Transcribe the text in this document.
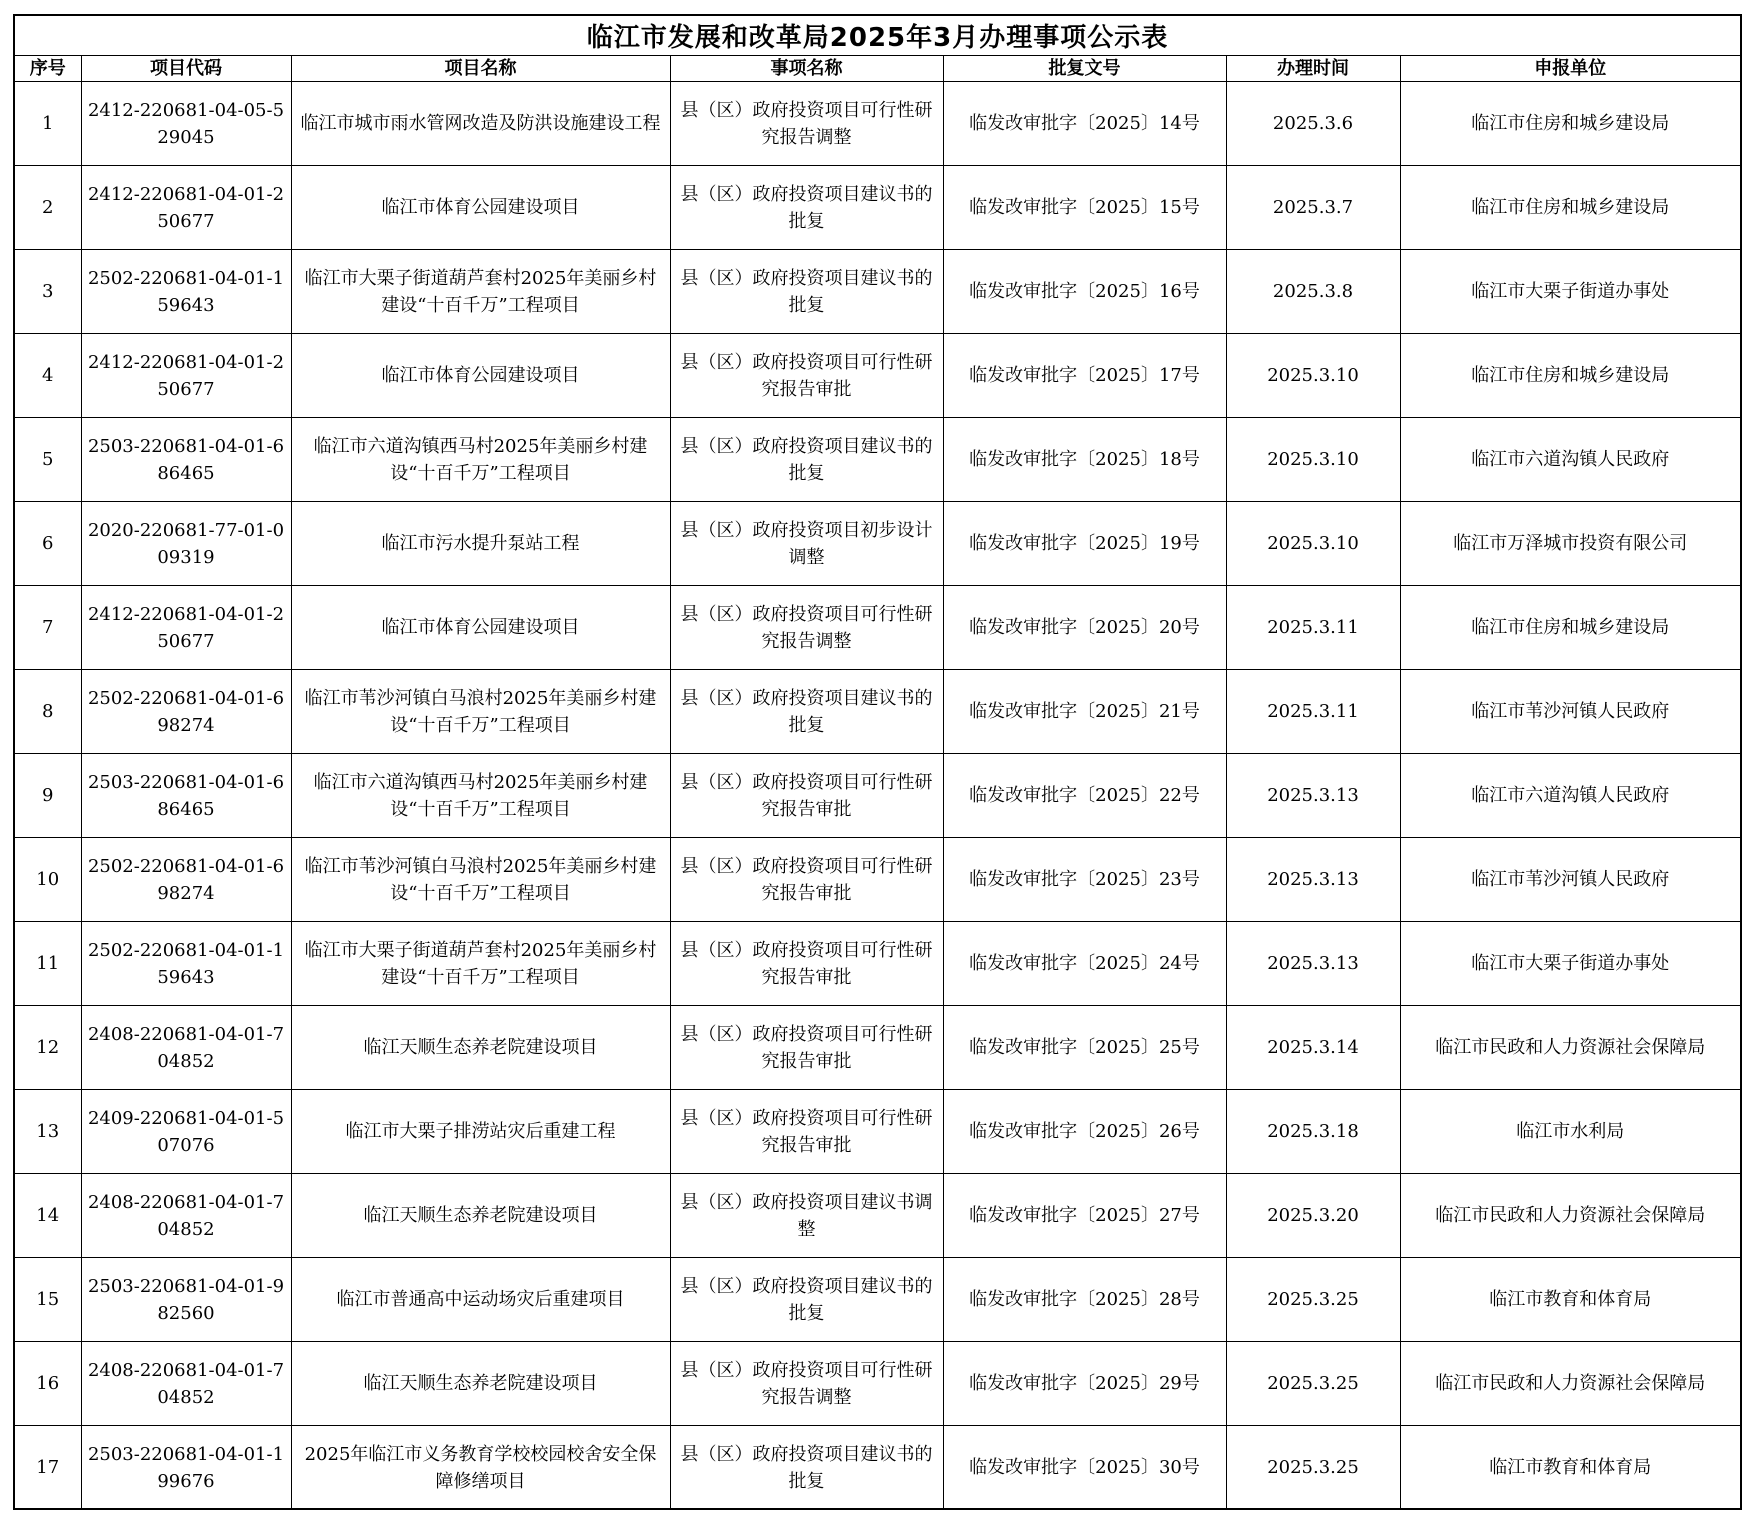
临江市发展和改革局2025年3月办理事项公示表
序号	项目代码	项目名称	事项名称	批复文号	办理时间	申报单位
1	2412-220681-04-05-529045	临江市城市雨水管网改造及防洪设施建设工程	县（区）政府投资项目可行性研究报告调整	临发改审批字〔2025〕14号	2025.3.6	临江市住房和城乡建设局
2	2412-220681-04-01-250677	临江市体育公园建设项目	县（区）政府投资项目建议书的批复	临发改审批字〔2025〕15号	2025.3.7	临江市住房和城乡建设局
3	2502-220681-04-01-159643	临江市大栗子街道葫芦套村2025年美丽乡村建设“十百千万”工程项目	县（区）政府投资项目建议书的批复	临发改审批字〔2025〕16号	2025.3.8	临江市大栗子街道办事处
4	2412-220681-04-01-250677	临江市体育公园建设项目	县（区）政府投资项目可行性研究报告审批	临发改审批字〔2025〕17号	2025.3.10	临江市住房和城乡建设局
5	2503-220681-04-01-686465	临江市六道沟镇西马村2025年美丽乡村建设“十百千万”工程项目	县（区）政府投资项目建议书的批复	临发改审批字〔2025〕18号	2025.3.10	临江市六道沟镇人民政府
6	2020-220681-77-01-009319	临江市污水提升泵站工程	县（区）政府投资项目初步设计调整	临发改审批字〔2025〕19号	2025.3.10	临江市万泽城市投资有限公司
7	2412-220681-04-01-250677	临江市体育公园建设项目	县（区）政府投资项目可行性研究报告调整	临发改审批字〔2025〕20号	2025.3.11	临江市住房和城乡建设局
8	2502-220681-04-01-698274	临江市苇沙河镇白马浪村2025年美丽乡村建设“十百千万”工程项目	县（区）政府投资项目建议书的批复	临发改审批字〔2025〕21号	2025.3.11	临江市苇沙河镇人民政府
9	2503-220681-04-01-686465	临江市六道沟镇西马村2025年美丽乡村建设“十百千万”工程项目	县（区）政府投资项目可行性研究报告审批	临发改审批字〔2025〕22号	2025.3.13	临江市六道沟镇人民政府
10	2502-220681-04-01-698274	临江市苇沙河镇白马浪村2025年美丽乡村建设“十百千万”工程项目	县（区）政府投资项目可行性研究报告审批	临发改审批字〔2025〕23号	2025.3.13	临江市苇沙河镇人民政府
11	2502-220681-04-01-159643	临江市大栗子街道葫芦套村2025年美丽乡村建设“十百千万”工程项目	县（区）政府投资项目可行性研究报告审批	临发改审批字〔2025〕24号	2025.3.13	临江市大栗子街道办事处
12	2408-220681-04-01-704852	临江天顺生态养老院建设项目	县（区）政府投资项目可行性研究报告审批	临发改审批字〔2025〕25号	2025.3.14	临江市民政和人力资源社会保障局
13	2409-220681-04-01-507076	临江市大栗子排涝站灾后重建工程	县（区）政府投资项目可行性研究报告审批	临发改审批字〔2025〕26号	2025.3.18	临江市水利局
14	2408-220681-04-01-704852	临江天顺生态养老院建设项目	县（区）政府投资项目建议书调整	临发改审批字〔2025〕27号	2025.3.20	临江市民政和人力资源社会保障局
15	2503-220681-04-01-982560	临江市普通高中运动场灾后重建项目	县（区）政府投资项目建议书的批复	临发改审批字〔2025〕28号	2025.3.25	临江市教育和体育局
16	2408-220681-04-01-704852	临江天顺生态养老院建设项目	县（区）政府投资项目可行性研究报告调整	临发改审批字〔2025〕29号	2025.3.25	临江市民政和人力资源社会保障局
17	2503-220681-04-01-199676	2025年临江市义务教育学校校园校舍安全保障修缮项目	县（区）政府投资项目建议书的批复	临发改审批字〔2025〕30号	2025.3.25	临江市教育和体育局
